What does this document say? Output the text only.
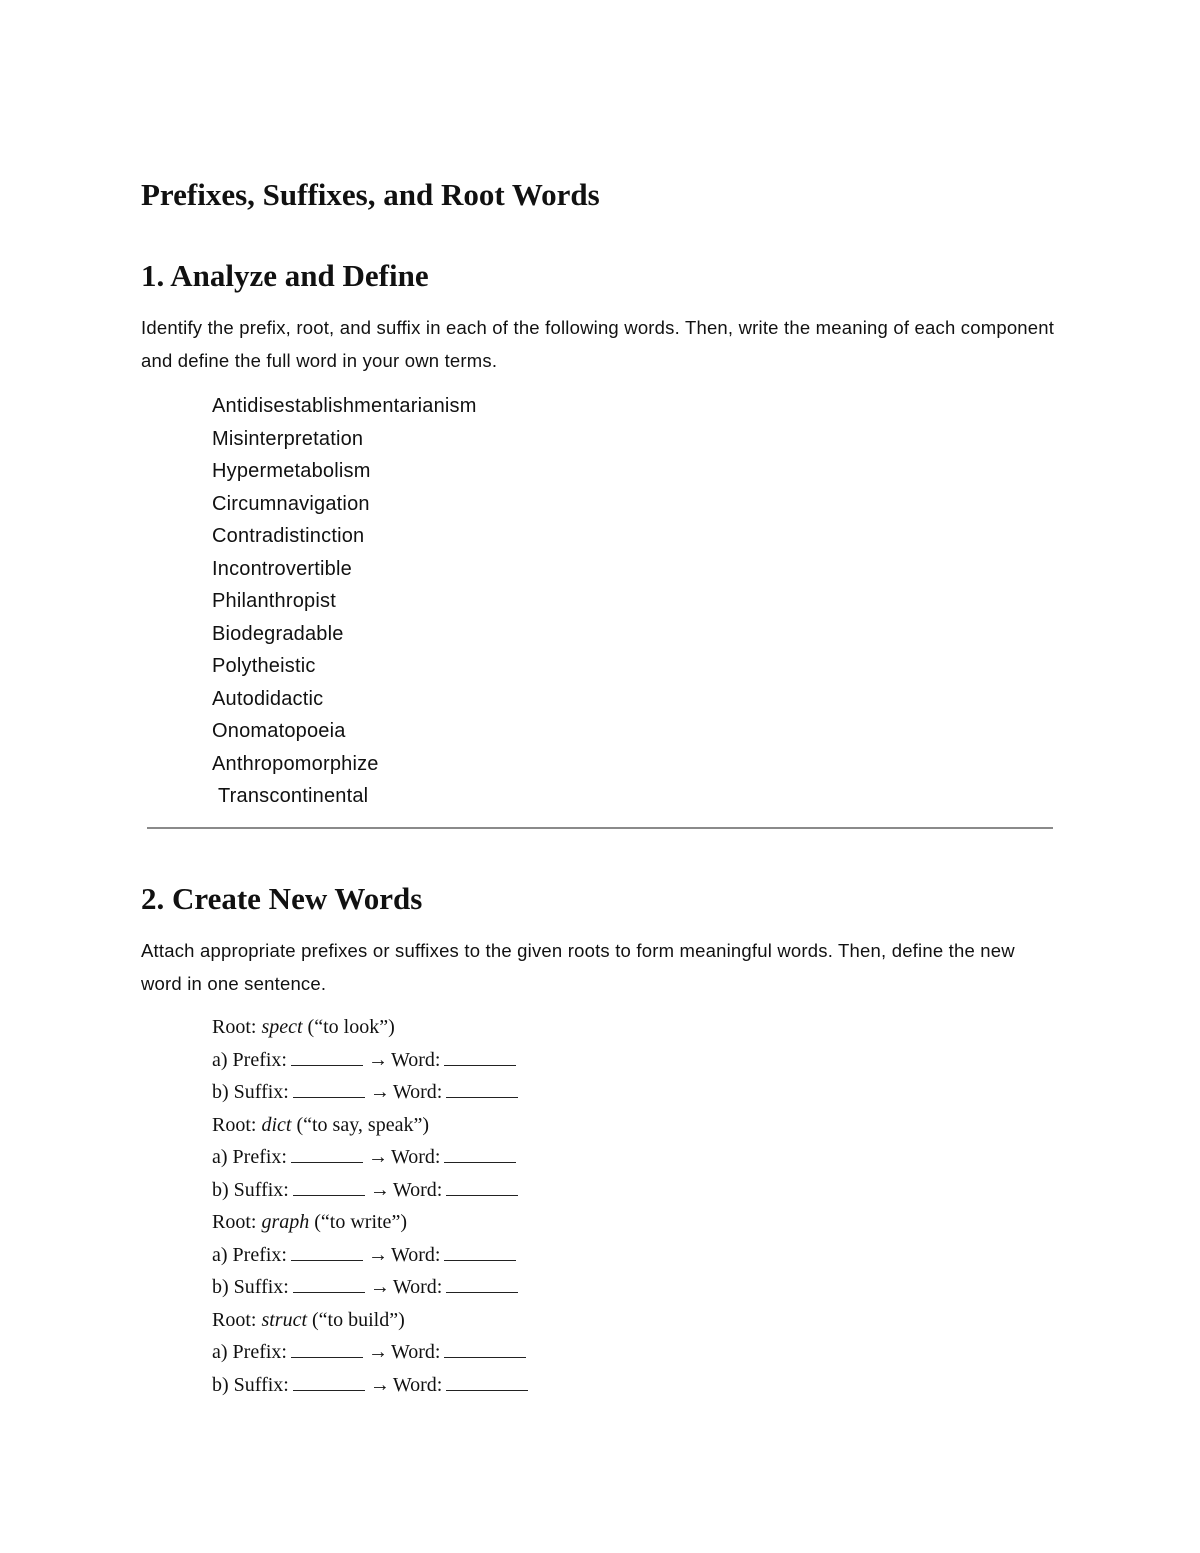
Prefixes, Suffixes, and Root Words
1. Analyze and Define

Identify the prefix, root, and suffix in each of the following words. Then, write the meaning of each component and define the full word in your own terms.

Antidisestablishmentarianism
Misinterpretation
Hypermetabolism
Circumnavigation
Contradistinction
Incontrovertible
Philanthropist
Biodegradable
Polytheistic
Autodidactic
Onomatopoeia
Anthropomorphize
Transcontinental
2. Create New Words

Attach appropriate prefixes or suffixes to the given roots to form meaningful words. Then, define the new word in one sentence.

Root: spect (“to look”)
a) Prefix:	→ Word:
b) Suffix:	→ Word:
Root: dict (“to say, speak”)
a) Prefix:	→ Word:
b) Suffix:	→ Word:
Root: graph (“to write”)
a) Prefix:	→ Word:
b) Suffix:	→ Word:
Root: struct (“to build”)
a) Prefix:	→ Word:
b) Suffix:	→ Word:
